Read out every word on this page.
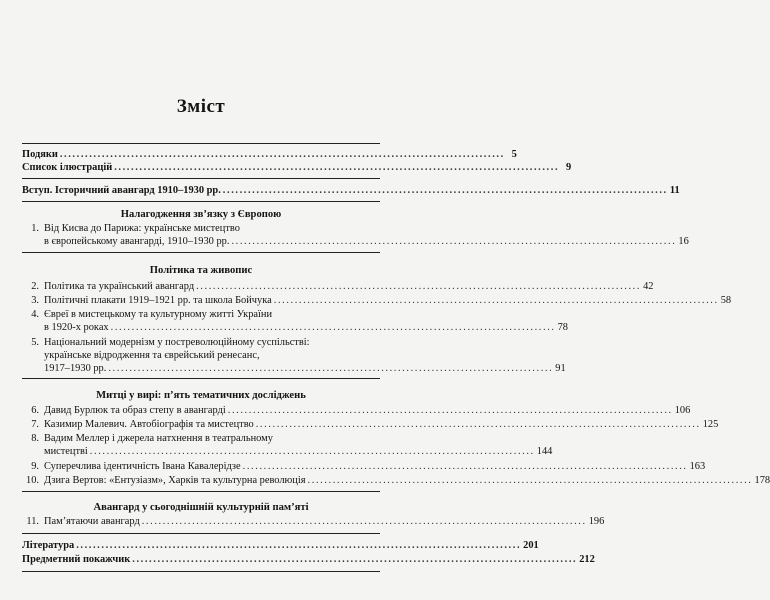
Зміст
Подяки .......................................................................................................... 5
Список ілюстрацій .......................................................................................................... 9
Вступ. Історичний авангард 1910–1930 рр. .......................................................................................................... 11
Налагодження зв’язку з Європою
1. Від Кисва до Парижа: українське мистецтво
в європейському авангарді, 1910–1930 рр. .......................................................................................................... 16
Політика та живопис
2. Політика та український авангард .......................................................................................................... 42
3. Політичні плакати 1919–1921 рр. та школа Бойчука .......................................................................................................... 58
4. Євреї в мистецькому та культурному житті України
в 1920-х роках .......................................................................................................... 78
5. Національний модернізм у постреволюційному суспільстві:
українське відродження та єврейський ренесанс,
1917–1930 рр. .......................................................................................................... 91
Митці у вирі: п’ять тематичних досліджень
6. Давид Бурлюк та образ степу в авангарді .......................................................................................................... 106
7. Казимир Малевич. Автобіографія та мистецтво .......................................................................................................... 125
8. Вадим Меллер і джерела натхнення в театральному
мистецтві .......................................................................................................... 144
9. Суперечлива ідентичність Івана Кавалерідзе .......................................................................................................... 163
10. Дзига Вертов: «Ентузіазм», Харків та культурна революція .......................................................................................................... 178
Авангард у сьогоднішній культурній пам’яті
11. Пам’ятаючи авангард .......................................................................................................... 196
Література .......................................................................................................... 201
Предметний покажчик .......................................................................................................... 212
